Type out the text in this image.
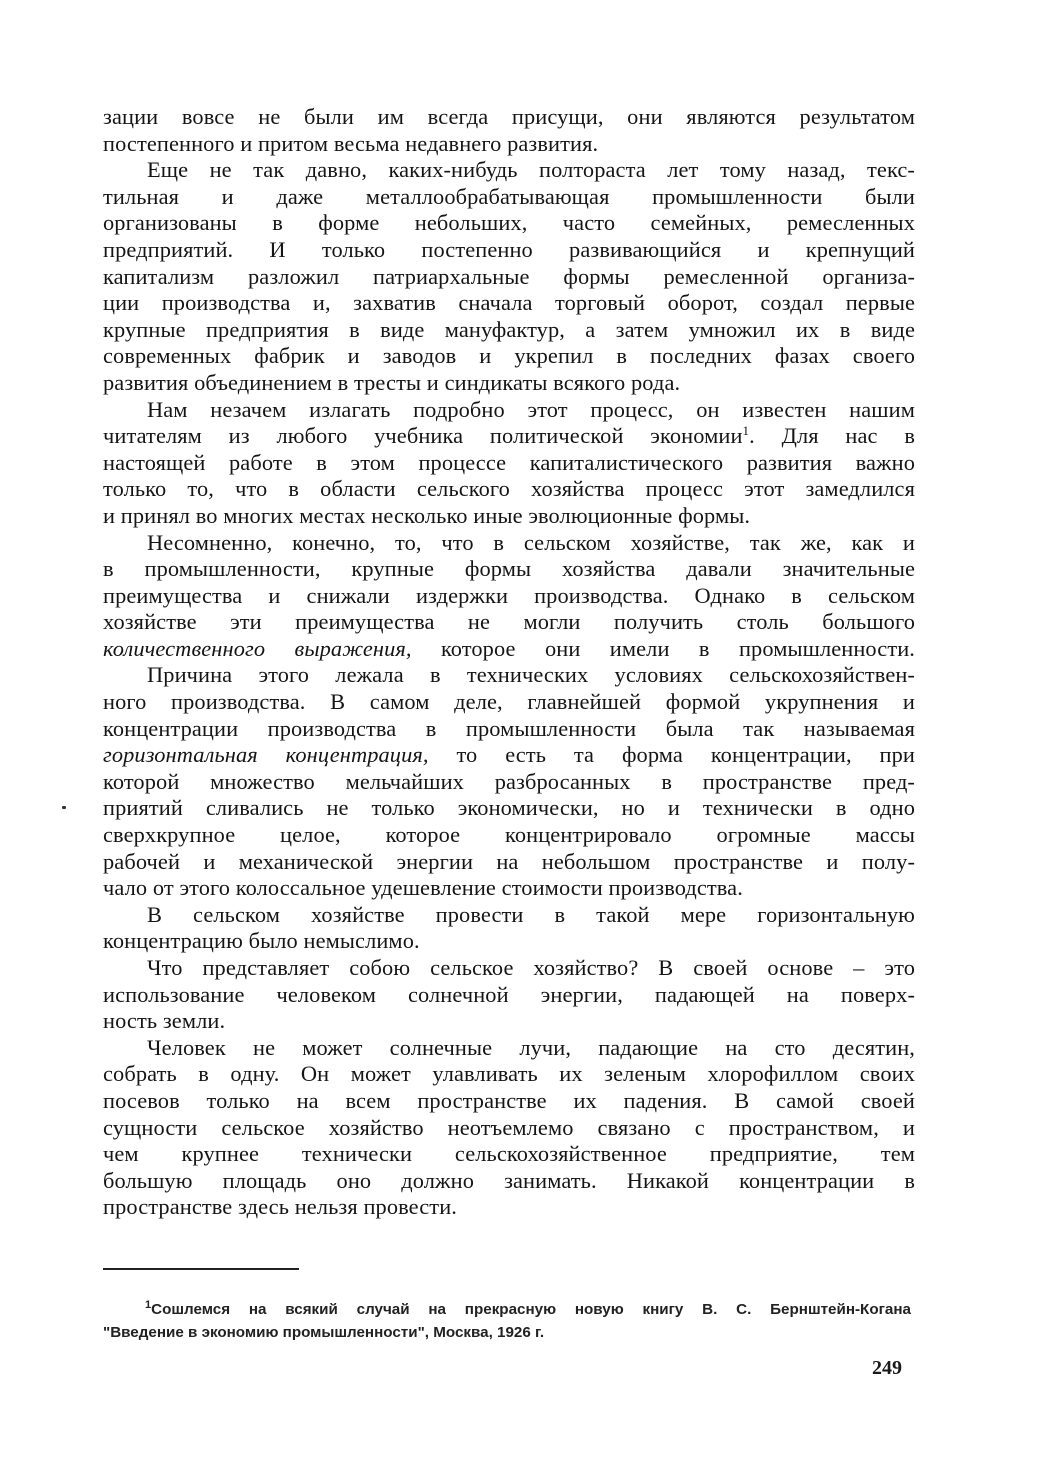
зации вовсе не были им всегда присущи, они являются результатом
постепенного и притом весьма недавнего развития.
Еще не так давно, каких-нибудь полтораста лет тому назад, текс-
тильная и даже металлообрабатывающая промышленности были
организованы в форме небольших, часто семейных, ремесленных
предприятий. И только постепенно развивающийся и крепнущий
капитализм разложил патриархальные формы ремесленной организа-
ции производства и, захватив сначала торговый оборот, создал первые
крупные предприятия в виде мануфактур, а затем умножил их в виде
современных фабрик и заводов и укрепил в последних фазах своего
развития объединением в тресты и синдикаты всякого рода.
Нам незачем излагать подробно этот процесс, он известен нашим
читателям из любого учебника политической экономии$^1$. Для нас в
настоящей работе в этом процессе капиталистического развития важно
только то, что в области сельского хозяйства процесс этот замедлился
и принял во многих местах несколько иные эволюционные формы.
Несомненно, конечно, то, что в сельском хозяйстве, так же, как и
в промышленности, крупные формы хозяйства давали значительные
преимущества и снижали издержки производства. Однако в сельском
хозяйстве эти преимущества не могли получить столь большого
количественного выражения, которое они имели в промышленности.
Причина этого лежала в технических условиях сельскохозяйствен-
ного производства. В самом деле, главнейшей формой укрупнения и
концентрации производства в промышленности была так называемая
горизонтальная концентрация, то есть та форма концентрации, при
которой множество мельчайших разбросанных в пространстве пред-
приятий сливались не только экономически, но и технически в одно
сверхкрупное целое, которое концентрировало огромные массы
рабочей и механической энергии на небольшом пространстве и полу-
чало от этого колоссальное удешевление стоимости производства.
В сельском хозяйстве провести в такой мере горизонтальную
концентрацию было немыслимо.
Что представляет собою сельское хозяйство? В своей основе – это
использование человеком солнечной энергии, падающей на поверх-
ность земли.
Человек не может солнечные лучи, падающие на сто десятин,
собрать в одну. Он может улавливать их зеленым хлорофиллом своих
посевов только на всем пространстве их падения. В самой своей
сущности сельское хозяйство неотъемлемо связано с пространством, и
чем крупнее технически сельскохозяйственное предприятие, тем
большую площадь оно должно занимать. Никакой концентрации в
пространстве здесь нельзя провести.
$^1$Сошлемся на всякий случай на прекрасную новую книгу В. С. Бернштейн-Когана
"Введение в экономию промышленности", Москва, 1926 г.
249
